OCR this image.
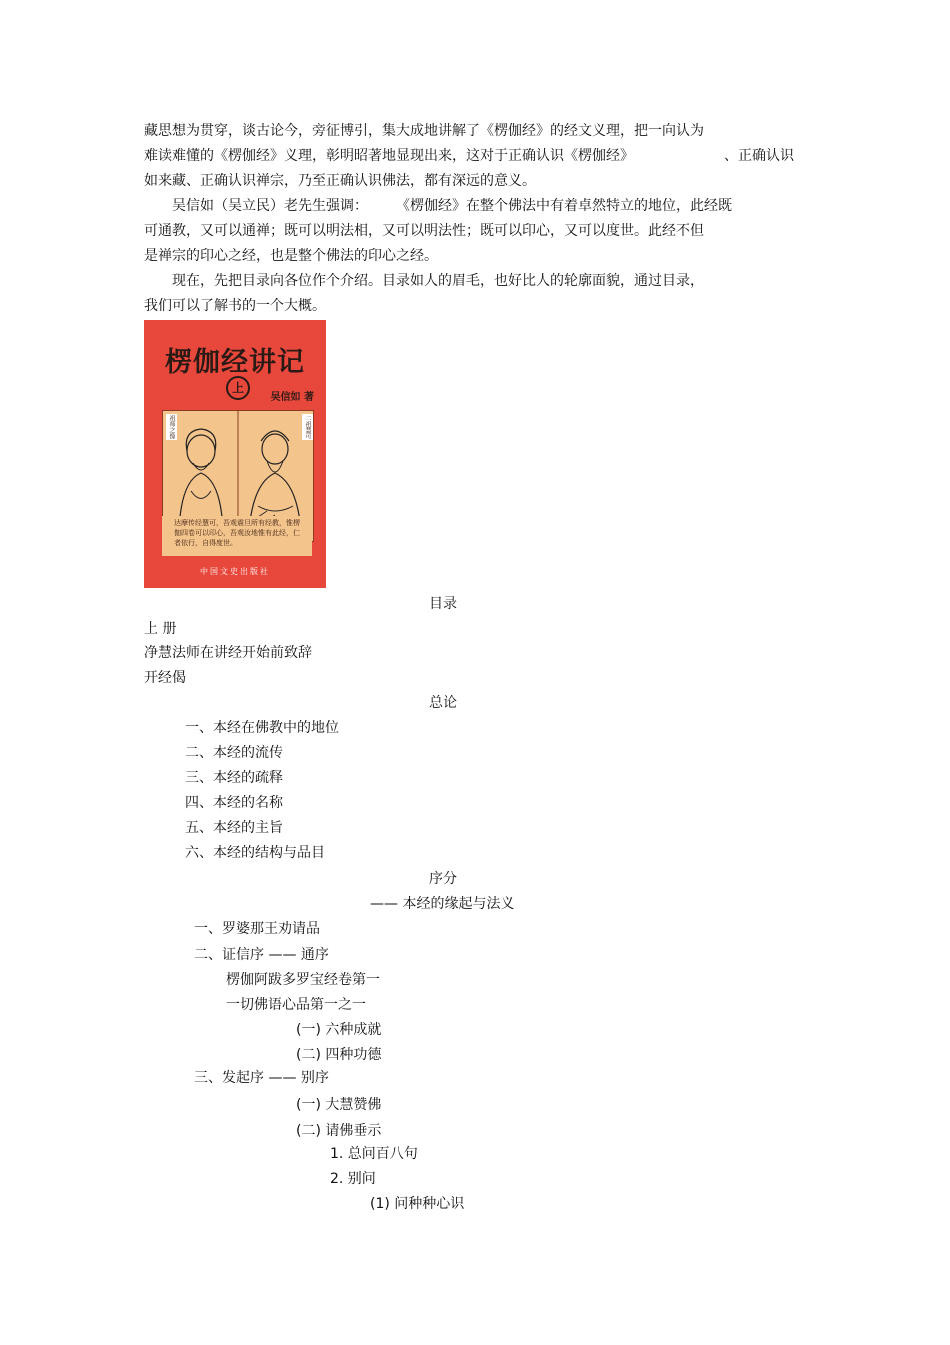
藏思想为贯穿，谈古论今，旁征博引，集大成地讲解了《楞伽经》的经文义理，把一向认为
难读难懂的《楞伽经》义理，彰明昭著地显现出来，这对于正确认识《楞伽经》	、正确认识
如来藏、正确认识禅宗，乃至正确认识佛法，都有深远的意义。
吴信如（吴立民）老先生强调： 《楞伽经》在整个佛法中有着卓然特立的地位，此经既
可通教，又可以通禅；既可以明法相，又可以明法性；既可以印心，又可以度世。此经不但
是禅宗的印心之经，也是整个佛法的印心之经。
现在，先把目录向各位作个介绍。目录如人的眉毛，也好比人的轮廓面貌，通过目录，
我们可以了解书的一个大概。
楞伽经讲记
上
吴信如 著
达摩传经慧可，吾观震旦所有经教，惟楞伽四卷可以印心，吾观汝地惟有此经，仁者依行，自得度世。
祖师之像	二祖慧可
中国文史出版社
目录
上 册
净慧法师在讲经开始前致辞
开经偈
总论
一、本经在佛教中的地位
二、本经的流传
三、本经的疏释
四、本经的名称
五、本经的主旨
六、本经的结构与品目
序分
—— 本经的缘起与法义
一、罗婆那王劝请品
二、证信序 —— 通序
楞伽阿跋多罗宝经卷第一
一切佛语心品第一之一
(一) 六种成就
(二) 四种功德
三、发起序 —— 别序
(一) 大慧赞佛
(二) 请佛垂示
1. 总问百八句
2. 别问
(1) 问种种心识
